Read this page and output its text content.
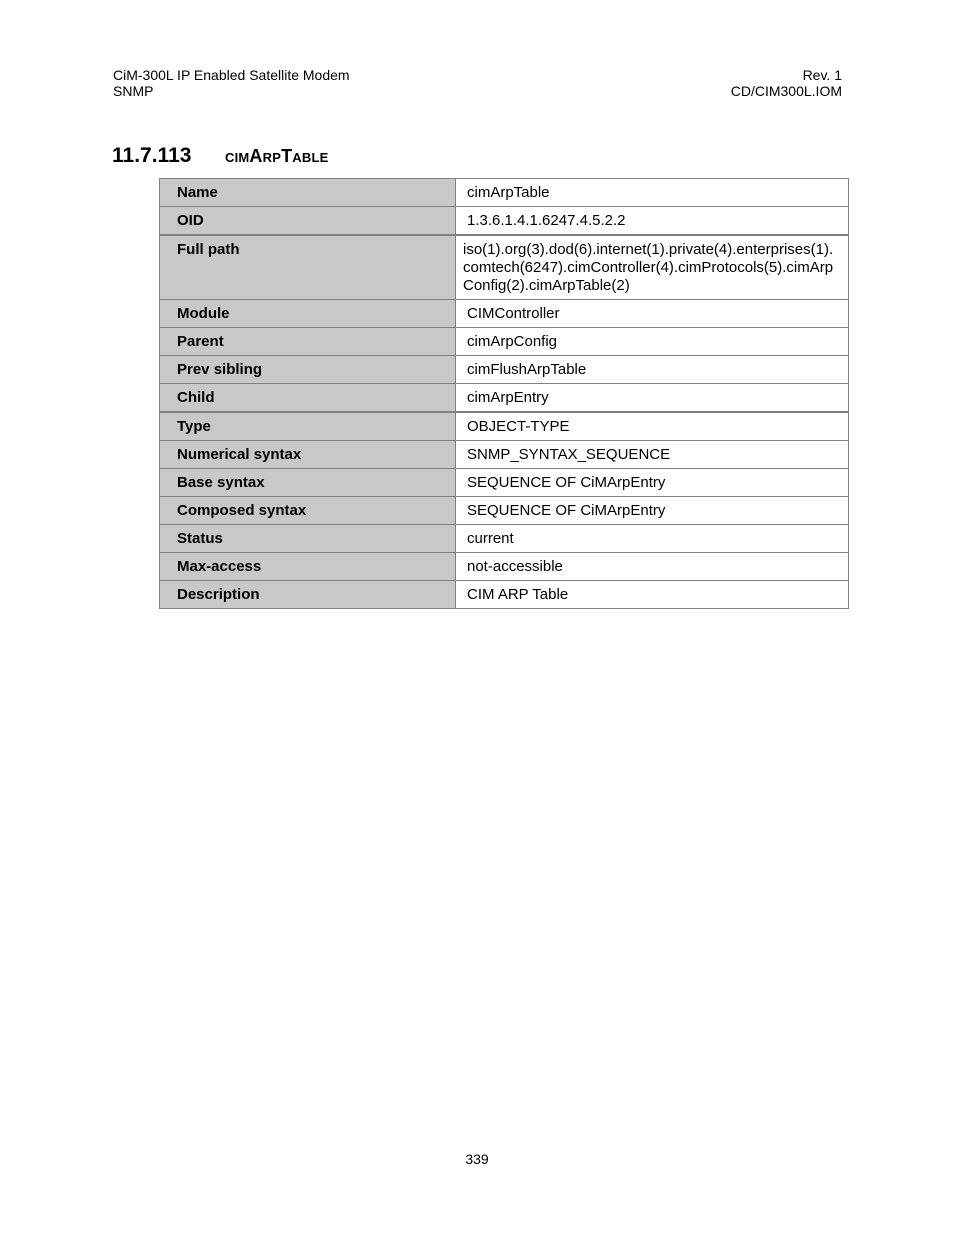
CiM-300L IP Enabled Satellite Modem
SNMP
Rev. 1
CD/CIM300L.IOM
11.7.113	cimArpTable
Name	cimArpTable
OID	1.3.6.1.4.1.6247.4.5.2.2
Full path	iso(1).org(3).dod(6).internet(1).private(4).enterprises(1).comtech(6247).cimController(4).cimProtocols(5).cimArpConfig(2).cimArpTable(2)
Module	CIMController
Parent	cimArpConfig
Prev sibling	cimFlushArpTable
Child	cimArpEntry
Type	OBJECT-TYPE
Numerical syntax	SNMP_SYNTAX_SEQUENCE
Base syntax	SEQUENCE OF CiMArpEntry
Composed syntax	SEQUENCE OF CiMArpEntry
Status	current
Max-access	not-accessible
Description	CIM ARP Table
339
